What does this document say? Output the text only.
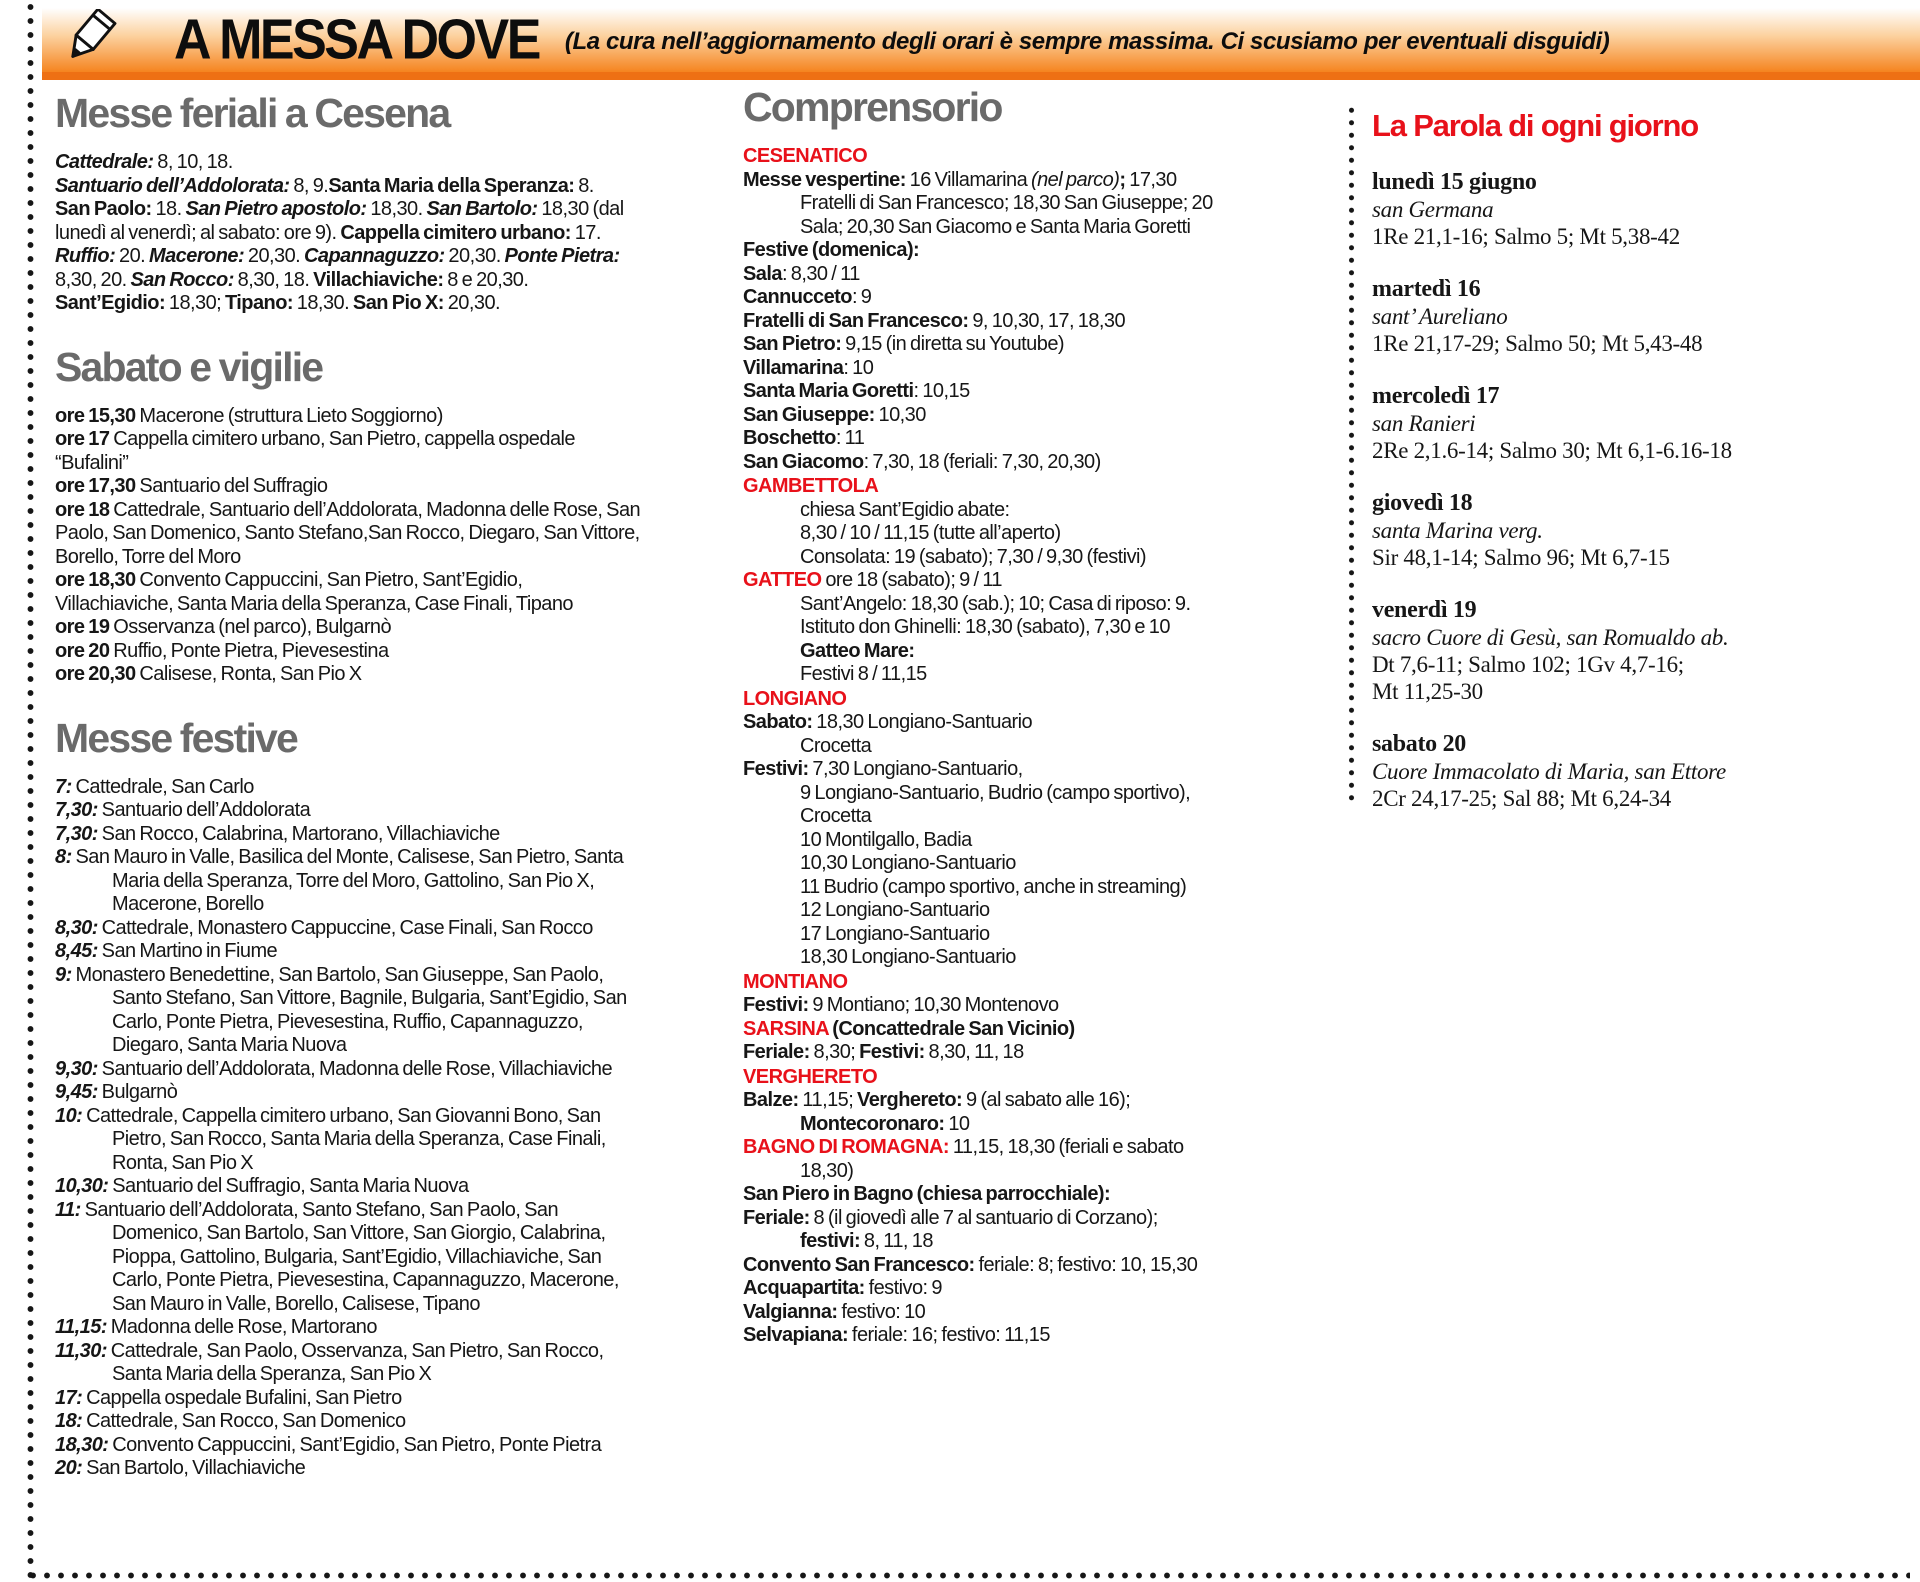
A MESSA DOVE (La cura nell’aggiornamento degli orari è sempre massima. Ci scusiamo per eventuali disguidi)

Messe feriali a Cesena
Cattedrale: 8, 10, 18.
Santuario dell’Addolorata: 8, 9.Santa Maria della Speranza: 8.
San Paolo: 18. San Pietro apostolo: 18,30. San Bartolo: 18,30 (dal lunedì al venerdì; al sabato: ore 9). Cappella cimitero urbano: 17.
Ruffio: 20. Macerone: 20,30. Capannaguzzo: 20,30. Ponte Pietra: 8,30, 20. San Rocco: 8,30, 18. Villachiaviche: 8 e 20,30.
Sant’Egidio: 18,30; Tipano: 18,30. San Pio X: 20,30.
Sabato e vigilie
ore 15,30 Macerone (struttura Lieto Soggiorno)
ore 17 Cappella cimitero urbano, San Pietro, cappella ospedale “Bufalini”
ore 17,30 Santuario del Suffragio
ore 18 Cattedrale, Santuario dell’Addolorata, Madonna delle Rose, San Paolo, San Domenico, Santo Stefano,San Rocco, Diegaro, San Vittore, Borello, Torre del Moro
ore 18,30 Convento Cappuccini, San Pietro, Sant’Egidio, Villachiaviche, Santa Maria della Speranza, Case Finali, Tipano
ore 19 Osservanza (nel parco), Bulgarnò
ore 20 Ruffio, Ponte Pietra, Pievesestina
ore 20,30 Calisese, Ronta, San Pio X
Messe festive
7: Cattedrale, San Carlo
7,30: Santuario dell’Addolorata
7,30: San Rocco, Calabrina, Martorano, Villachiaviche
8: San Mauro in Valle, Basilica del Monte, Calisese, San Pietro, Santa Maria della Speranza, Torre del Moro, Gattolino, San Pio X, Macerone, Borello
8,30: Cattedrale, Monastero Cappuccine, Case Finali, San Rocco
8,45: San Martino in Fiume
9: Monastero Benedettine, San Bartolo, San Giuseppe, San Paolo, Santo Stefano, San Vittore, Bagnile, Bulgaria, Sant’Egidio, San Carlo, Ponte Pietra, Pievesestina, Ruffio, Capannaguzzo, Diegaro, Santa Maria Nuova
9,30: Santuario dell’Addolorata, Madonna delle Rose, Villachiaviche
9,45: Bulgarnò
10: Cattedrale, Cappella cimitero urbano, San Giovanni Bono, San Pietro, San Rocco, Santa Maria della Speranza, Case Finali, Ronta, San Pio X
10,30: Santuario del Suffragio, Santa Maria Nuova
11: Santuario dell’Addolorata, Santo Stefano, San Paolo, San Domenico, San Bartolo, San Vittore, San Giorgio, Calabrina, Pioppa, Gattolino, Bulgaria, Sant’Egidio, Villachiaviche, San Carlo, Ponte Pietra, Pievesestina, Capannaguzzo, Macerone, San Mauro in Valle, Borello, Calisese, Tipano
11,15: Madonna delle Rose, Martorano
11,30: Cattedrale, San Paolo, Osservanza, San Pietro, San Rocco, Santa Maria della Speranza, San Pio X
17: Cappella ospedale Bufalini, San Pietro
18: Cattedrale, San Rocco, San Domenico
18,30: Convento Cappuccini, Sant’Egidio, San Pietro, Ponte Pietra
20: San Bartolo, Villachiaviche
Comprensorio
CESENATICO
Messe vespertine: 16 Villamarina (nel parco); 17,30 Fratelli di San Francesco; 18,30 San Giuseppe; 20 Sala; 20,30 San Giacomo e Santa Maria Goretti
Festive (domenica):
Sala: 8,30 / 11
Cannucceto: 9
Fratelli di San Francesco: 9, 10,30, 17, 18,30
San Pietro: 9,15 (in diretta su Youtube)
Villamarina: 10
Santa Maria Goretti: 10,15
San Giuseppe: 10,30
Boschetto: 11
San Giacomo: 7,30, 18 (feriali: 7,30, 20,30)
GAMBETTOLA
chiesa Sant’Egidio abate:
8,30 / 10 / 11,15 (tutte all’aperto)
Consolata: 19 (sabato); 7,30 / 9,30 (festivi)
GATTEO ore 18 (sabato); 9 / 11
Sant’Angelo: 18,30 (sab.); 10; Casa di riposo: 9.
Istituto don Ghinelli: 18,30 (sabato), 7,30 e 10
Gatteo Mare:
Festivi 8 / 11,15
LONGIANO
Sabato: 18,30 Longiano-Santuario
Crocetta
Festivi: 7,30 Longiano-Santuario,
9 Longiano-Santuario, Budrio (campo sportivo),
Crocetta
10 Montilgallo, Badia
10,30 Longiano-Santuario
11 Budrio (campo sportivo, anche in streaming)
12 Longiano-Santuario
17 Longiano-Santuario
18,30 Longiano-Santuario
MONTIANO
Festivi: 9 Montiano; 10,30 Montenovo
SARSINA (Concattedrale San Vicinio)
Feriale: 8,30; Festivi: 8,30, 11, 18
VERGHERETO
Balze: 11,15; Verghereto: 9 (al sabato alle 16);
Montecoronaro: 10
BAGNO DI ROMAGNA: 11,15, 18,30 (feriali e sabato 18,30)
San Piero in Bagno (chiesa parrocchiale):
Feriale: 8 (il giovedì alle 7 al santuario di Corzano); festivi: 8, 11, 18
Convento San Francesco: feriale: 8; festivo: 10, 15,30
Acquapartita: festivo: 9
Valgianna: festivo: 10
Selvapiana: feriale: 16; festivo: 11,15
La Parola di ogni giorno
lunedì 15 giugno
san Germana
1Re 21,1-16; Salmo 5; Mt 5,38-42
martedì 16
sant’ Aureliano
1Re 21,17-29; Salmo 50; Mt 5,43-48
mercoledì 17
san Ranieri
2Re 2,1.6-14; Salmo 30; Mt 6,1-6.16-18
giovedì 18
santa Marina verg.
Sir 48,1-14; Salmo 96; Mt 6,7-15
venerdì 19
sacro Cuore di Gesù, san Romualdo ab.
Dt 7,6-11; Salmo 102; 1Gv 4,7-16;
Mt 11,25-30
sabato 20
Cuore Immacolato di Maria, san Ettore
2Cr 24,17-25; Sal 88; Mt 6,24-34
